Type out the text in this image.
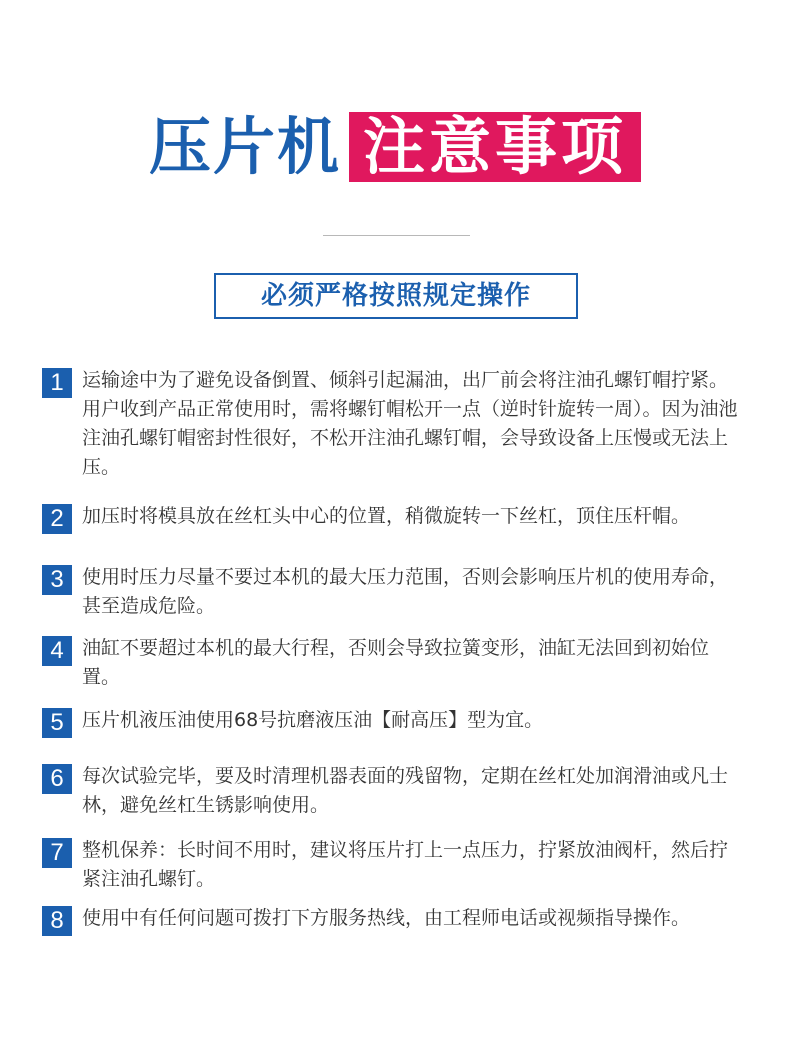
压片机 注意事项
必须严格按照规定操作
1 运输途中为了避免设备倒置、倾斜引起漏油，出厂前会将注油孔螺钉帽拧紧。用户收到产品正常使用时，需将螺钉帽松开一点（逆时针旋转一周）。因为油池注油孔螺钉帽密封性很好，不松开注油孔螺钉帽，会导致设备上压慢或无法上压。
2 加压时将模具放在丝杠头中心的位置，稍微旋转一下丝杠，顶住压杆帽。
3 使用时压力尽量不要过本机的最大压力范围，否则会影响压片机的使用寿命，甚至造成危险。
4 油缸不要超过本机的最大行程，否则会导致拉簧变形，油缸无法回到初始位置。
5 压片机液压油使用68号抗磨液压油【耐高压】型为宜。
6 每次试验完毕，要及时清理机器表面的残留物，定期在丝杠处加润滑油或凡士林，避免丝杠生锈影响使用。
7 整机保养：长时间不用时，建议将压片打上一点压力，拧紧放油阀杆，然后拧紧注油孔螺钉。
8 使用中有任何问题可拨打下方服务热线，由工程师电话或视频指导操作。
